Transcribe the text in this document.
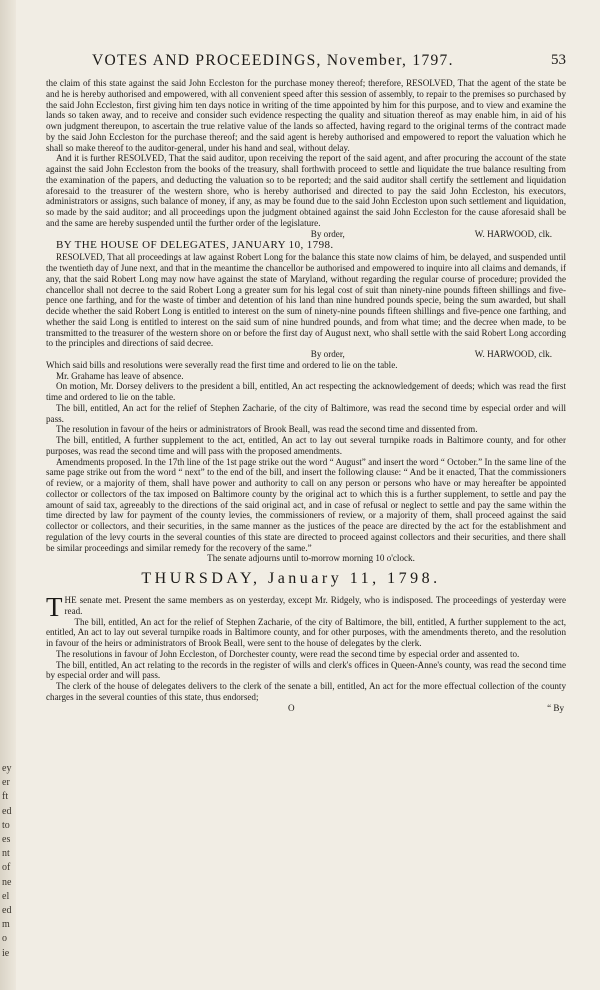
ey
er
ft
ed
to
es
nt
of
ne
el
ed
m
o
ie
VOTES AND PROCEEDINGS, November, 1797.	53

the claim of this state against the said John Eccleston for the purchase money thereof; therefore, RESOLVED, That the agent of the state be and he is hereby authorised and empowered, with all convenient speed after this session of assembly, to repair to the premises so purchased by the said John Eccleston, first giving him ten days notice in writing of the time appointed by him for this purpose, and to view and examine the lands so taken away, and to receive and consider such evidence respecting the quality and situation thereof as may enable him, in aid of his own judgment thereupon, to ascertain the true relative value of the lands so affected, having regard to the original terms of the contract made by the said John Eccleston for the purchase thereof; and the said agent is hereby authorised and empowered to report the valuation which he shall so make thereof to the auditor-general, under his hand and seal, without delay.

And it is further RESOLVED, That the said auditor, upon receiving the report of the said agent, and after procuring the account of the state against the said John Eccleston from the books of the treasury, shall forthwith proceed to settle and liquidate the true balance resulting from the examination of the papers, and deducting the valuation so to be reported; and the said auditor shall certify the settlement and liquidation aforesaid to the treasurer of the western shore, who is hereby authorised and directed to pay the said John Eccleston, his executors, administrators or assigns, such balance of money, if any, as may be found due to the said John Eccleston upon such settlement and liquidation, so made by the said auditor; and all proceedings upon the judgment obtained against the said John Eccleston for the cause aforesaid shall be and the same are hereby suspended until the further order of the legislature.

By order,	W. HARWOOD, clk.

BY THE HOUSE OF DELEGATES, JANUARY 10, 1798.

RESOLVED, That all proceedings at law against Robert Long for the balance this state now claims of him, be delayed, and suspended until the twentieth day of June next, and that in the meantime the chancellor be authorised and empowered to inquire into all claims and demands, if any, that the said Robert Long may now have against the state of Maryland, without regarding the regular course of procedure; provided the chancellor shall not decree to the said Robert Long a greater sum for his legal cost of suit than ninety-nine pounds fifteen shillings and five-pence one farthing, and for the waste of timber and detention of his land than nine hundred pounds specie, being the sum awarded, but shall decide whether the said Robert Long is entitled to interest on the sum of ninety-nine pounds fifteen shillings and five-pence one farthing, and whether the said Long is entitled to interest on the said sum of nine hundred pounds, and from what time; and the decree when made, to be transmitted to the treasurer of the western shore on or before the first day of August next, who shall settle with the said Robert Long according to the principles and directions of said decree.

By order,	W. HARWOOD, clk.

Which said bills and resolutions were severally read the first time and ordered to lie on the table.

Mr. Grahame has leave of absence.

On motion, Mr. Dorsey delivers to the president a bill, entitled, An act respecting the acknowledgement of deeds; which was read the first time and ordered to lie on the table.

The bill, entitled, An act for the relief of Stephen Zacharie, of the city of Baltimore, was read the second time by especial order and will pass.

The resolution in favour of the heirs or administrators of Brook Beall, was read the second time and dissented from.

The bill, entitled, A further supplement to the act, entitled, An act to lay out several turnpike roads in Baltimore county, and for other purposes, was read the second time and will pass with the proposed amendments.

Amendments proposed. In the 17th line of the 1st page strike out the word “ August” and insert the word “ October.” In the same line of the same page strike out from the word “ next” to the end of the bill, and insert the following clause: “ And be it enacted, That the commissioners of review, or a majority of them, shall have power and authority to call on any person or persons who have or may hereafter be appointed collector or collectors of the tax imposed on Baltimore county by the original act to which this is a further supplement, to settle and pay the amount of said tax, agreeably to the directions of the said original act, and in case of refusal or neglect to settle and pay the same within the time directed by law for payment of the county levies, the commissioners of review, or a majority of them, shall proceed against the said collector or collectors, and their securities, in the same manner as the justices of the peace are directed by the act for the establishment and regulation of the levy courts in the several counties of this state are directed to proceed against collectors and their securities, and there shall be similar proceedings and similar remedy for the recovery of the same.”

The senate adjourns until to-morrow morning 10 o'clock.

THURSDAY, January 11, 1798.

THE senate met. Present the same members as on yesterday, except Mr. Ridgely, who is indisposed. The proceedings of yesterday were read.

The bill, entitled, An act for the relief of Stephen Zacharie, of the city of Baltimore, the bill, entitled, A further supplement to the act, entitled, An act to lay out several turnpike roads in Baltimore county, and for other purposes, with the amendments thereto, and the resolution in favour of the heirs or administrators of Brook Beall, were sent to the house of delegates by the clerk.

The resolutions in favour of John Eccleston, of Dorchester county, were read the second time by especial order and assented to.

The bill, entitled, An act relating to the records in the register of wills and clerk's offices in Queen-Anne's county, was read the second time by especial order and will pass.

The clerk of the house of delegates delivers to the clerk of the senate a bill, entitled, An act for the more effectual collection of the county charges in the several counties of this state, thus endorsed;

O	“ By
